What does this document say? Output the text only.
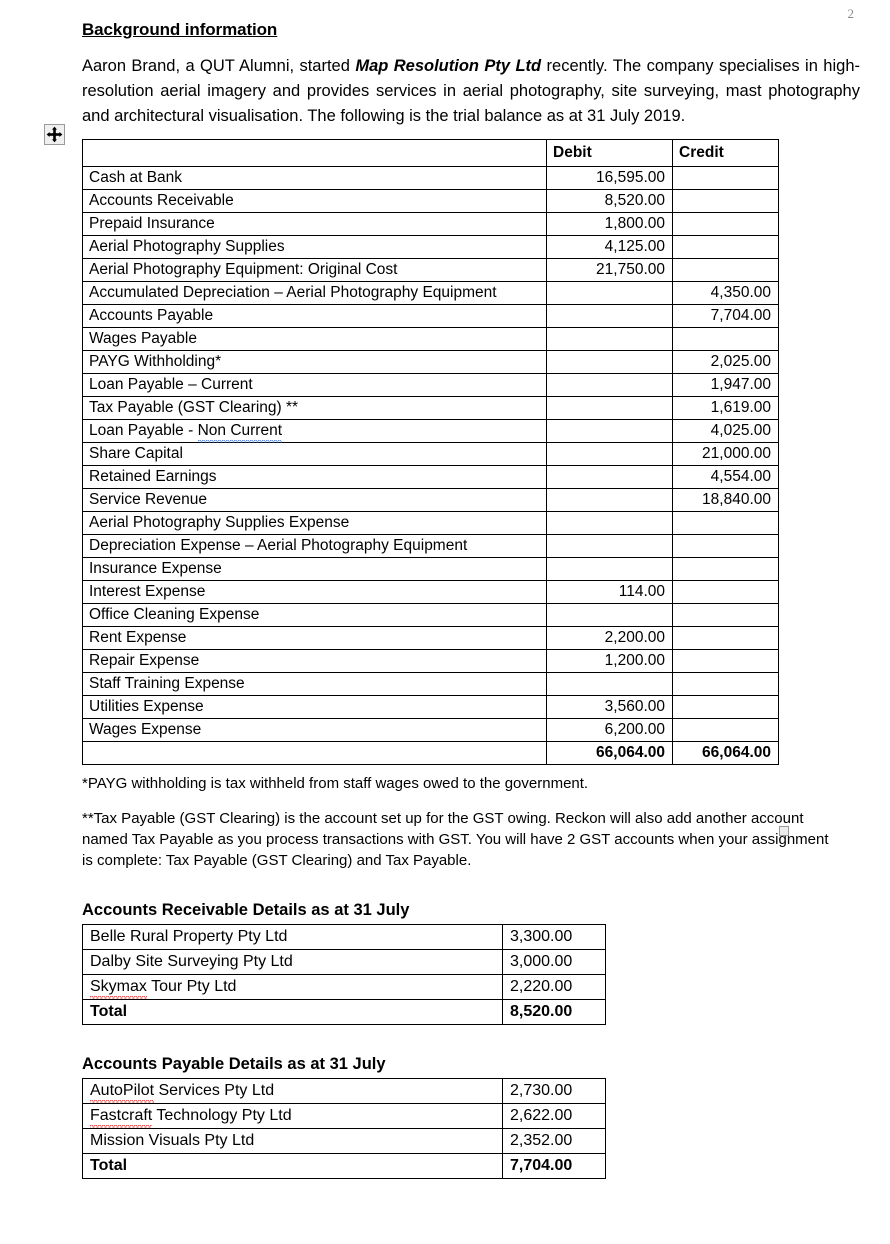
2
Background information

Aaron Brand, a QUT Alumni, started Map Resolution Pty Ltd recently. The company specialises in high-resolution aerial imagery and provides services in aerial photography, site surveying, mast photography and architectural visualisation. The following is the trial balance as at 31 July 2019.

	Debit	Credit
Cash at Bank	16,595.00	
Accounts Receivable	8,520.00	
Prepaid Insurance	1,800.00	
Aerial Photography Supplies	4,125.00	
Aerial Photography Equipment: Original Cost	21,750.00	
Accumulated Depreciation – Aerial Photography Equipment		4,350.00
Accounts Payable		7,704.00
Wages Payable		
PAYG Withholding*		2,025.00
Loan Payable – Current		1,947.00
Tax Payable (GST Clearing) **		1,619.00
Loan Payable - Non Current		4,025.00
Share Capital		21,000.00
Retained Earnings		4,554.00
Service Revenue		18,840.00
Aerial Photography Supplies Expense		
Depreciation Expense – Aerial Photography Equipment		
Insurance Expense		
Interest Expense	114.00	
Office Cleaning Expense		
Rent Expense	2,200.00	
Repair Expense	1,200.00	
Staff Training Expense		
Utilities Expense	3,560.00	
Wages Expense	6,200.00	
	66,064.00	66,064.00

*PAYG withholding is tax withheld from staff wages owed to the government.

**Tax Payable (GST Clearing) is the account set up for the GST owing. Reckon will also add another account named Tax Payable as you process transactions with GST. You will have 2 GST accounts when your assignment is complete: Tax Payable (GST Clearing) and Tax Payable.

Accounts Receivable Details as at 31 July
Belle Rural Property Pty Ltd	3,300.00
Dalby Site Surveying Pty Ltd	3,000.00
Skymax Tour Pty Ltd	2,220.00
Total	8,520.00
Accounts Payable Details as at 31 July
AutoPilot Services Pty Ltd	2,730.00
Fastcraft Technology Pty Ltd	2,622.00
Mission Visuals Pty Ltd	2,352.00
Total	7,704.00
